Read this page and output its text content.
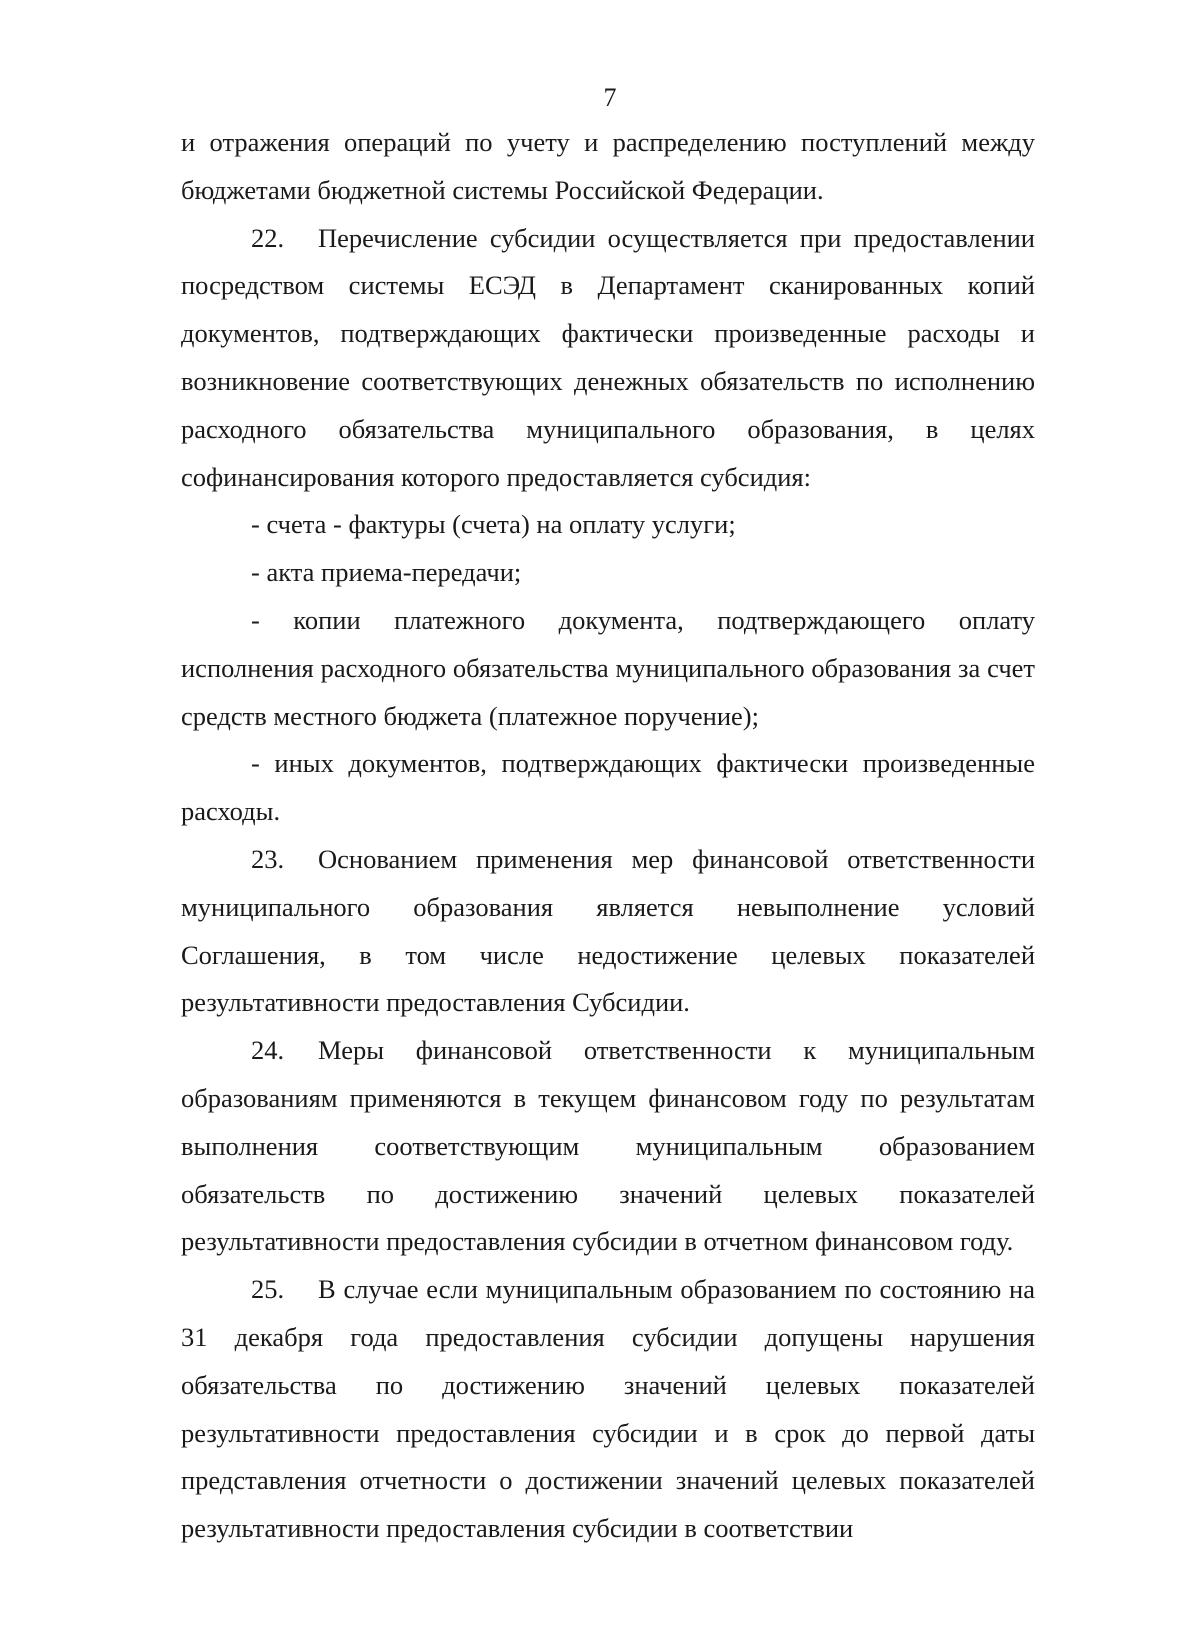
7

и отражения операций по учету и распределению поступлений между бюджетами бюджетной системы Российской Федерации.

22. Перечисление субсидии осуществляется при предоставлении посредством системы ЕСЭД в Департамент сканированных копий документов, подтверждающих фактически произведенные расходы и возникновение соответствующих денежных обязательств по исполнению расходного обязательства муниципального образования, в целях софинансирования которого предоставляется субсидия:

- счета - фактуры (счета) на оплату услуги;

- акта приема-передачи;

- копии платежного документа, подтверждающего оплату исполнения расходного обязательства муниципального образования за счет средств местного бюджета (платежное поручение);

- иных документов, подтверждающих фактически произведенные расходы.

23. Основанием применения мер финансовой ответственности муниципального образования является невыполнение условий Соглашения, в том числе недостижение целевых показателей результативности предоставления Субсидии.

24. Меры финансовой ответственности к муниципальным образованиям применяются в текущем финансовом году по результатам выполнения соответствующим муниципальным образованием обязательств по достижению значений целевых показателей результативности предоставления субсидии в отчетном финансовом году.

25. В случае если муниципальным образованием по состоянию на 31 декабря года предоставления субсидии допущены нарушения обязательства по достижению значений целевых показателей результативности предоставления субсидии и в срок до первой даты представления отчетности о достижении значений целевых показателей результативности предоставления субсидии в соответствии
